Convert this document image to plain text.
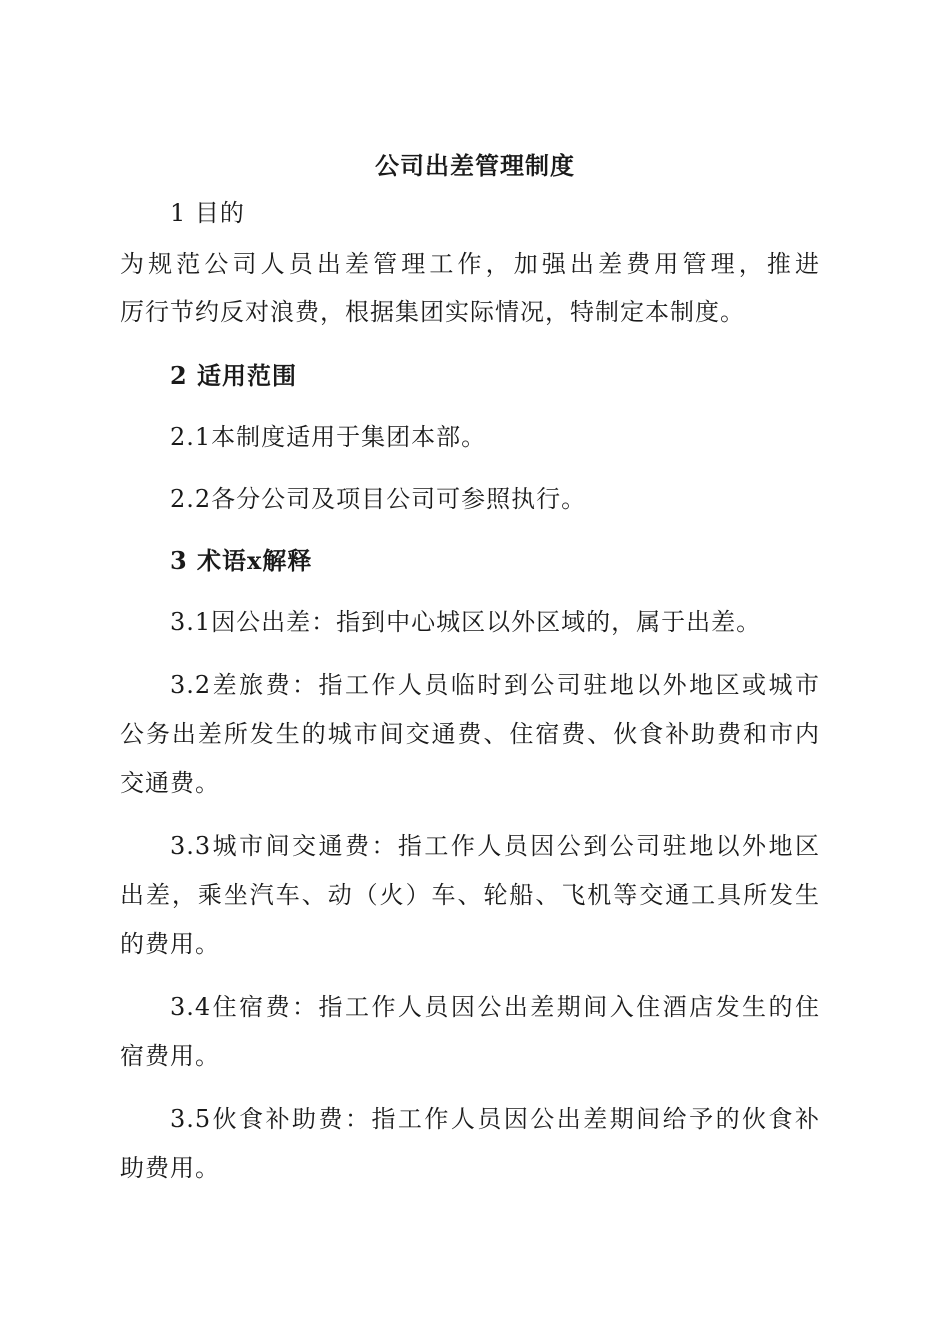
公司出差管理制度
1 目的
为规范公司人员出差管理工作，加强出差费用管理，推进
厉行节约反对浪费，根据集团实际情况，特制定本制度。
2 适用范围
2.1本制度适用于集团本部。
2.2各分公司及项目公司可参照执行。
3 术语x解释
3.1因公出差：指到中心城区以外区域的，属于出差。
3.2差旅费：指工作人员临时到公司驻地以外地区或城市
公务出差所发生的城市间交通费、住宿费、伙食补助费和市内
交通费。
3.3城市间交通费：指工作人员因公到公司驻地以外地区
出差，乘坐汽车、动（火）车、轮船、飞机等交通工具所发生
的费用。
3.4住宿费：指工作人员因公出差期间入住酒店发生的住
宿费用。
3.5伙食补助费：指工作人员因公出差期间给予的伙食补
助费用。
